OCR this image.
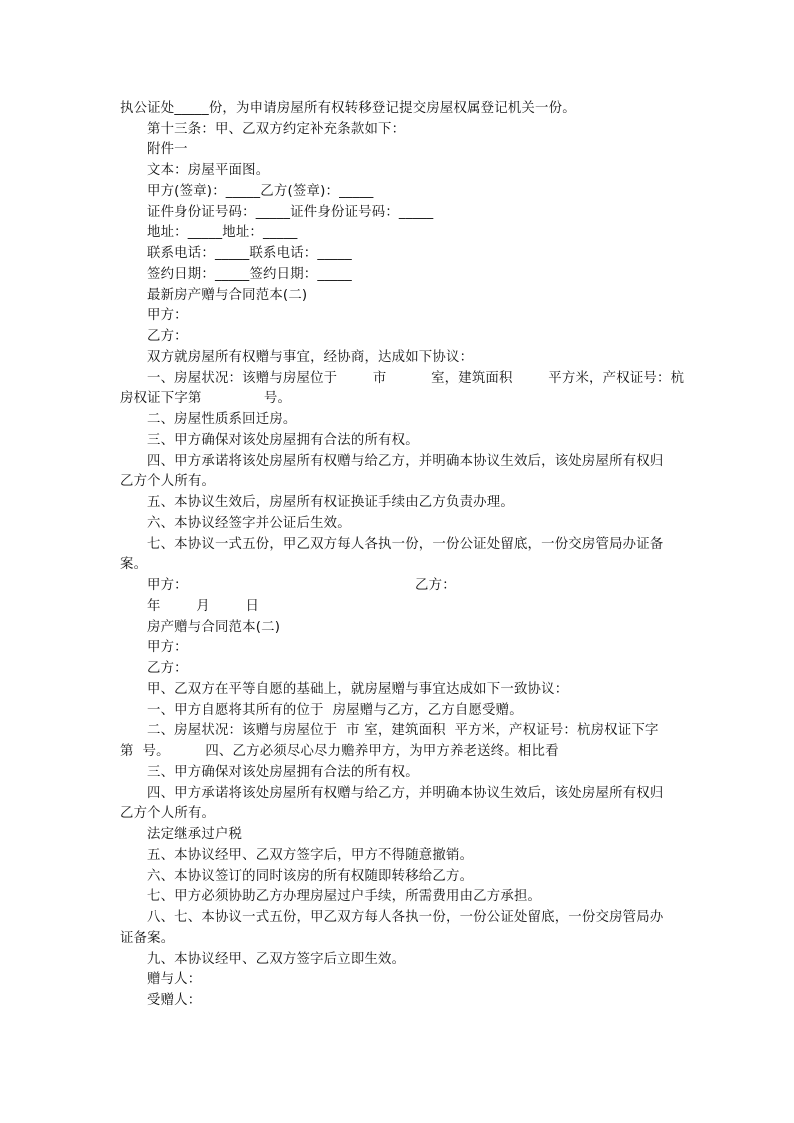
执公证处_____份，为申请房屋所有权转移登记提交房屋权属登记机关一份。
第十三条：甲、乙双方约定补充条款如下：
附件一
文本：房屋平面图。
甲方(签章)：_____乙方(签章)：_____
证件身份证号码：_____证件身份证号码：_____
地址：_____地址：_____
联系电话：_____联系电话：_____
签约日期：_____签约日期：_____
最新房产赠与合同范本(二)
甲方：
乙方：
双方就房屋所有权赠与事宜，经协商，达成如下协议：
一、房屋状况：该赠与房屋位于        市          室，建筑面积        平方米，产权证号：杭
房权证下字第              号。
二、房屋性质系回迁房。
三、甲方确保对该处房屋拥有合法的所有权。
四、甲方承诺将该处房屋所有权赠与给乙方，并明确本协议生效后，该处房屋所有权归
乙方个人所有。
五、本协议生效后，房屋所有权证换证手续由乙方负责办理。
六、本协议经签字并公证后生效。
七、本协议一式五份，甲乙双方每人各执一份，一份公证处留底，一份交房管局办证备
案。
甲方：                                                   乙方：
年        月        日
房产赠与合同范本(二)
甲方：
乙方：
甲、乙双方在平等自愿的基础上，就房屋赠与事宜达成如下一致协议：
一、甲方自愿将其所有的位于  房屋赠与乙方，乙方自愿受赠。
二、房屋状况：该赠与房屋位于  市 室，建筑面积  平方米，产权证号：杭房权证下字
第  号。        四、乙方必须尽心尽力赡养甲方，为甲方养老送终。相比看
三、甲方确保对该处房屋拥有合法的所有权。
四、甲方承诺将该处房屋所有权赠与给乙方，并明确本协议生效后，该处房屋所有权归
乙方个人所有。
法定继承过户税
五、本协议经甲、乙双方签字后，甲方不得随意撤销。
六、本协议签订的同时该房的所有权随即转移给乙方。
七、甲方必须协助乙方办理房屋过户手续，所需费用由乙方承担。
八、七、本协议一式五份，甲乙双方每人各执一份，一份公证处留底，一份交房管局办
证备案。
九、本协议经甲、乙双方签字后立即生效。
赠与人：
受赠人：
